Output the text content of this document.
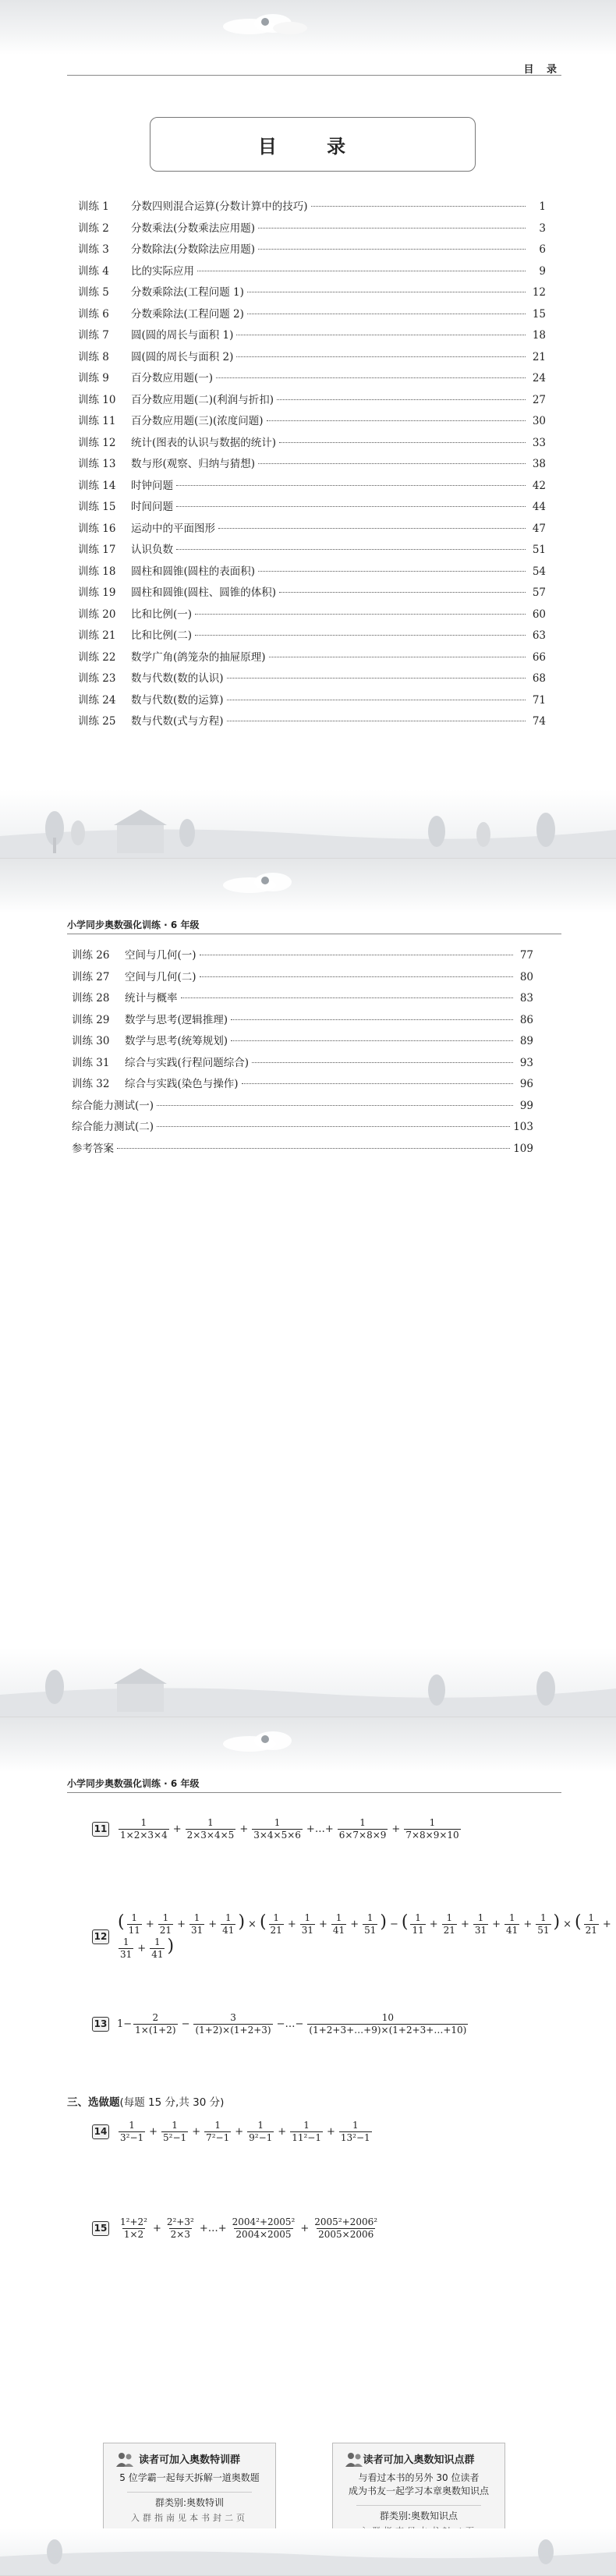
目 录
目 录
训练 1	分数四则混合运算(分数计算中的技巧)	1
训练 2	分数乘法(分数乘法应用题)	3
训练 3	分数除法(分数除法应用题)	6
训练 4	比的实际应用	9
训练 5	分数乘除法(工程问题 1)	12
训练 6	分数乘除法(工程问题 2)	15
训练 7	圆(圆的周长与面积 1)	18
训练 8	圆(圆的周长与面积 2)	21
训练 9	百分数应用题(一)	24
训练 10	百分数应用题(二)(利润与折扣)	27
训练 11	百分数应用题(三)(浓度问题)	30
训练 12	统计(图表的认识与数据的统计)	33
训练 13	数与形(观察、归纳与猜想)	38
训练 14	时钟问题	42
训练 15	时间问题	44
训练 16	运动中的平面图形	47
训练 17	认识负数	51
训练 18	圆柱和圆锥(圆柱的表面积)	54
训练 19	圆柱和圆锥(圆柱、圆锥的体积)	57
训练 20	比和比例(一)	60
训练 21	比和比例(二)	63
训练 22	数学广角(鸽笼杂的抽屉原理)	66
训练 23	数与代数(数的认识)	68
训练 24	数与代数(数的运算)	71
训练 25	数与代数(式与方程)	74
小学同步奥数强化训练 · 6 年级
训练 26	空间与几何(一)	77
训练 27	空间与几何(二)	80
训练 28	统计与概率	83
训练 29	数学与思考(逻辑推理)	86
训练 30	数学与思考(统筹规划)	89
训练 31	综合与实践(行程问题综合)	93
训练 32	综合与实践(染色与操作)	96
综合能力测试(一)	99
综合能力测试(二)	103
参考答案	109
小学同步奥数强化训练 · 6 年级
$11 \frac{1}{1\times 2\times 3\times 4} + \frac{1}{2\times 3\times 4\times 5} + \frac{1}{3\times 4\times 5\times 6}$ +…+ $\frac{1}{6\times 7\times 8\times 9} + \frac{1}{7\times 8\times 9\times 10}$
12
( $\frac{1}{11} + \frac{1}{21} + \frac{1}{31} + \frac{1}{41}$ ) × ( $\frac{1}{21} + \frac{1}{31} + \frac{1}{41} + \frac{1}{51}$ ) − ( $\frac{1}{11} + \frac{1}{21} + \frac{1}{31} + \frac{1}{41} + \frac{1}{51}$ ) × ( $\frac{1}{21}$ +
$\frac{1}{31} + \frac{1}{41}$ )
13 $1- \frac{2}{1\times(1+2)} - \frac{3}{(1+2)\times(1+2+3)}$ −…− $\frac{10}{(1+2+3+\dots+9)\times(1+2+3+\dots+10)}$
三、选做题(每题 15 分,共 30 分)
$14 \frac{1}{\text{3²−1}} + \frac{1}{\text{5²−1}} + \frac{1}{\text{7²−1}} + \frac{1}{\text{9²−1}} + \frac{1}{\text{11²−1}} + \frac{1}{\text{13²−1}}$
$15 \frac{\text{1²+2²}}{1\times 2} + \frac{\text{2²+3²}}{2\times 3}$ +…+ $\frac{\text{2004²+2005²}}{2004\times 2005} + \frac{\text{2005²+2006²}}{2005\times 2006}$
读者可加入奥数特训群
5 位学霸一起每天拆解一道奥数题
群类别:奥数特训
入群指南见本书封二页
读者可加入奥数知识点群
与看过本书的另外 30 位读者
成为书友一起学习本章奥数知识点
群类别:奥数知识点
